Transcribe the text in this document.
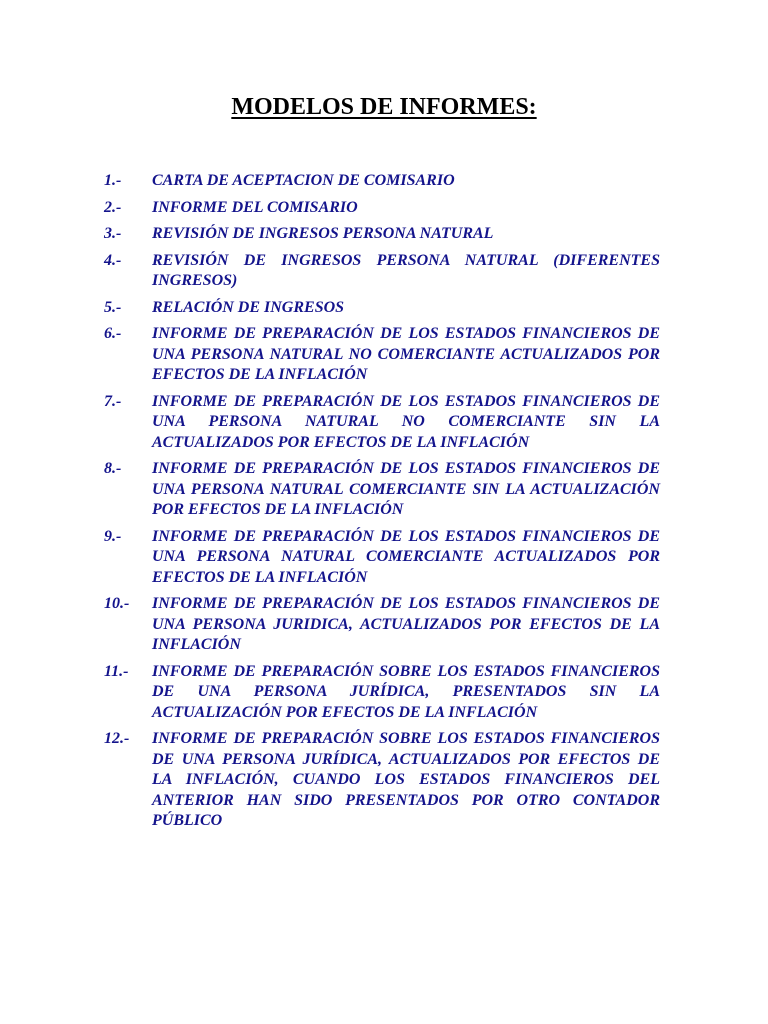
MODELOS DE INFORMES:
1.-	CARTA DE ACEPTACION DE COMISARIO
2.-	INFORME DEL COMISARIO
3.-	REVISIÓN DE INGRESOS PERSONA NATURAL
4.-	REVISIÓN DE INGRESOS PERSONA NATURAL (DIFERENTES INGRESOS)
5.-	RELACIÓN DE INGRESOS
6.-	INFORME DE PREPARACIÓN DE LOS ESTADOS FINANCIEROS DE UNA PERSONA NATURAL NO COMERCIANTE ACTUALIZADOS POR EFECTOS DE LA INFLACIÓN
7.-	INFORME DE PREPARACIÓN DE LOS ESTADOS FINANCIEROS DE UNA PERSONA NATURAL NO COMERCIANTE SIN LA ACTUALIZADOS POR EFECTOS DE LA INFLACIÓN
8.-	INFORME DE PREPARACIÓN DE LOS ESTADOS FINANCIEROS DE UNA PERSONA NATURAL COMERCIANTE SIN LA ACTUALIZACIÓN POR EFECTOS DE LA INFLACIÓN
9.-	INFORME DE PREPARACIÓN DE LOS ESTADOS FINANCIEROS DE UNA PERSONA NATURAL COMERCIANTE ACTUALIZADOS POR EFECTOS DE LA INFLACIÓN
10.-	INFORME DE PREPARACIÓN DE LOS ESTADOS FINANCIEROS DE UNA PERSONA JURIDICA, ACTUALIZADOS POR EFECTOS DE LA INFLACIÓN
11.-	INFORME DE PREPARACIÓN SOBRE LOS ESTADOS FINANCIEROS DE UNA PERSONA JURÍDICA, PRESENTADOS SIN LA ACTUALIZACIÓN POR EFECTOS DE LA INFLACIÓN
12.-	INFORME DE PREPARACIÓN SOBRE LOS ESTADOS FINANCIEROS DE UNA PERSONA JURÍDICA, ACTUALIZADOS POR EFECTOS DE LA INFLACIÓN, CUANDO LOS ESTADOS FINANCIEROS DEL ANTERIOR HAN SIDO PRESENTADOS POR OTRO CONTADOR PÚBLICO
